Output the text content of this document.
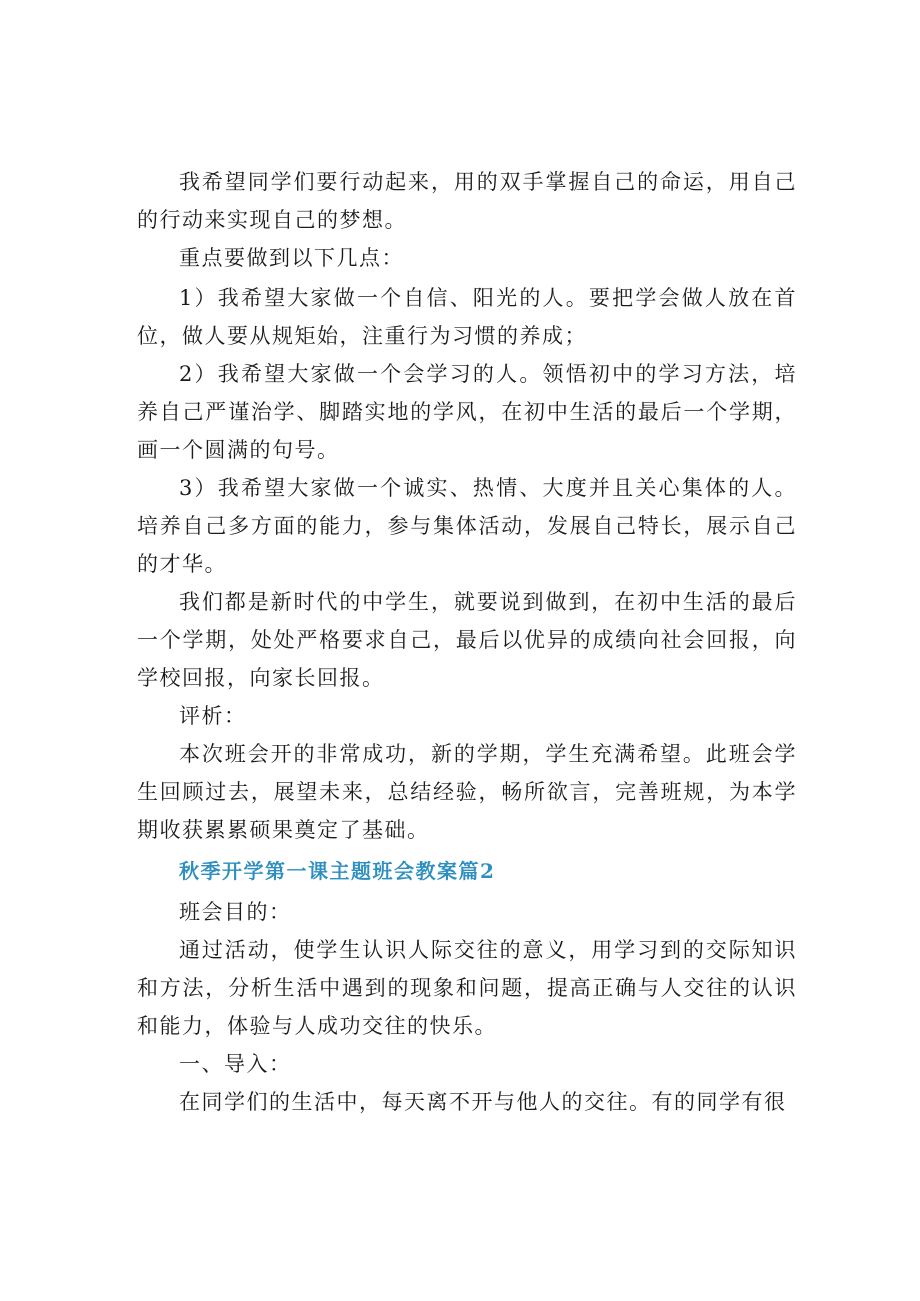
我希望同学们要行动起来，用的双手掌握自己的命运，用自己的行动来实现自己的梦想。

重点要做到以下几点：

1）我希望大家做一个自信、阳光的人。要把学会做人放在首位，做人要从规矩始，注重行为习惯的养成；

2）我希望大家做一个会学习的人。领悟初中的学习方法，培养自己严谨治学、脚踏实地的学风，在初中生活的最后一个学期，画一个圆满的句号。

3）我希望大家做一个诚实、热情、大度并且关心集体的人。培养自己多方面的能力，参与集体活动，发展自己特长，展示自己的才华。

我们都是新时代的中学生，就要说到做到，在初中生活的最后一个学期，处处严格要求自己，最后以优异的成绩向社会回报，向学校回报，向家长回报。

评析：

本次班会开的非常成功，新的学期，学生充满希望。此班会学生回顾过去，展望未来，总结经验，畅所欲言，完善班规，为本学期收获累累硕果奠定了基础。

秋季开学第一课主题班会教案篇2

班会目的：

通过活动，使学生认识人际交往的意义，用学习到的交际知识和方法，分析生活中遇到的现象和问题，提高正确与人交往的认识和能力，体验与人成功交往的快乐。

一、导入：

在同学们的生活中，每天离不开与他人的交往。有的同学有很
